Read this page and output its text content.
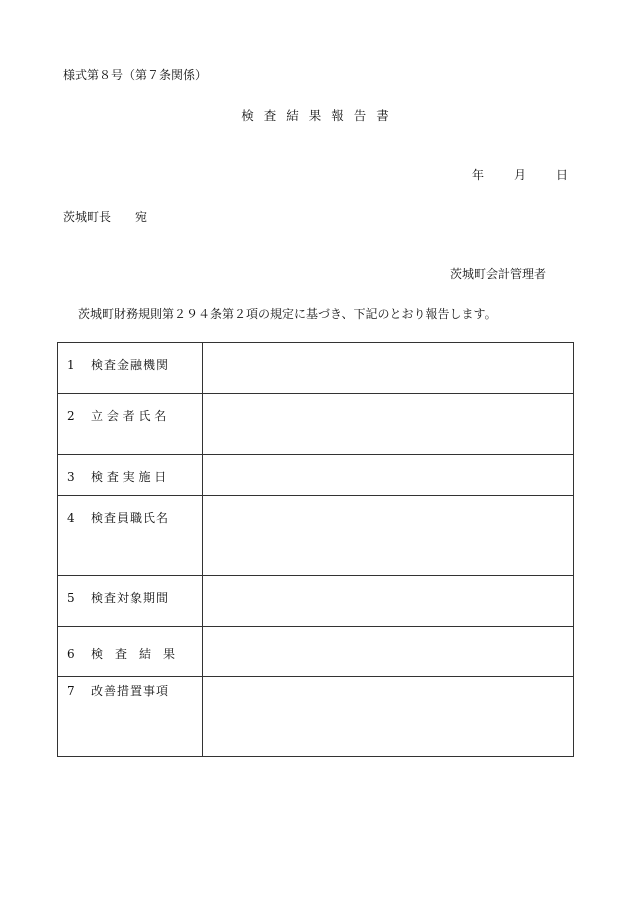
様式第８号（第７条関係）
検査結果報告書
年 月 日
茨城町長　　宛
茨城町会計管理者
茨城町財務規則第２９４条第２項の規定に基づき、下記のとおり報告します。
1 検査金融機関	

2 立 会 者 氏 名	

3 検 査 実 施 日	

4 検査員職氏名	

5 検査対象期間	

6 検　査　結　果	

7 改善措置事項	
